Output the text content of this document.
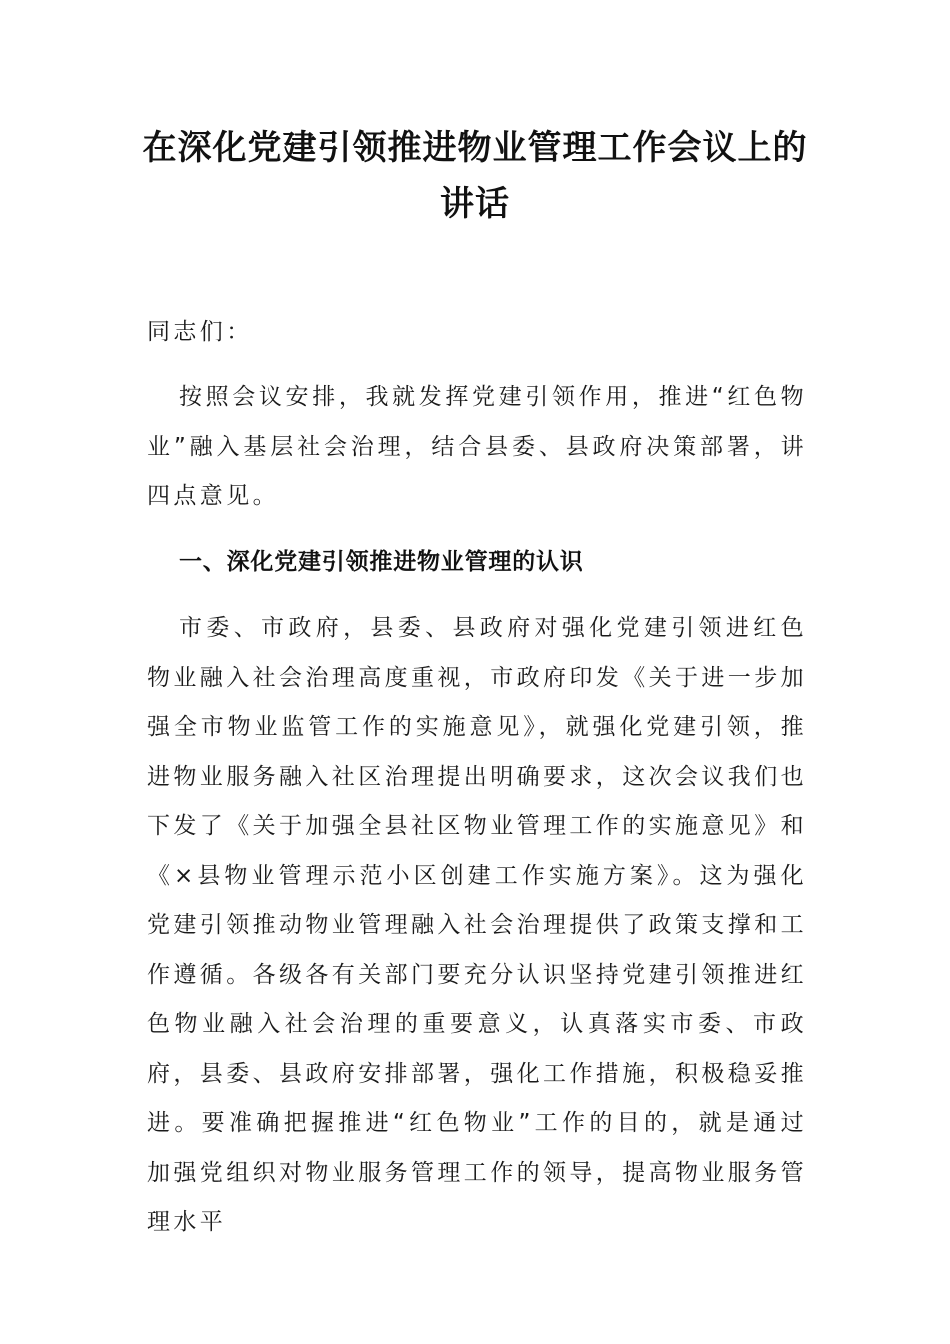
在深化党建引领推进物业管理工作会议上的讲话

同志们：

按照会议安排，我就发挥党建引领作用，推进“红色物业”融入基层社会治理，结合县委、县政府决策部署，讲四点意见。

一、深化党建引领推进物业管理的认识

市委、市政府，县委、县政府对强化党建引领进红色物业融入社会治理高度重视，市政府印发《关于进一步加强全市物业监管工作的实施意见》，就强化党建引领，推进物业服务融入社区治理提出明确要求，这次会议我们也下发了《关于加强全县社区物业管理工作的实施意见》和《×县物业管理示范小区创建工作实施方案》。这为强化党建引领推动物业管理融入社会治理提供了政策支撑和工作遵循。各级各有关部门要充分认识坚持党建引领推进红色物业融入社会治理的重要意义，认真落实市委、市政府，县委、县政府安排部署，强化工作措施，积极稳妥推进。要准确把握推进“红色物业”工作的目的，就是通过加强党组织对物业服务管理工作的领导，提高物业服务管理水平
